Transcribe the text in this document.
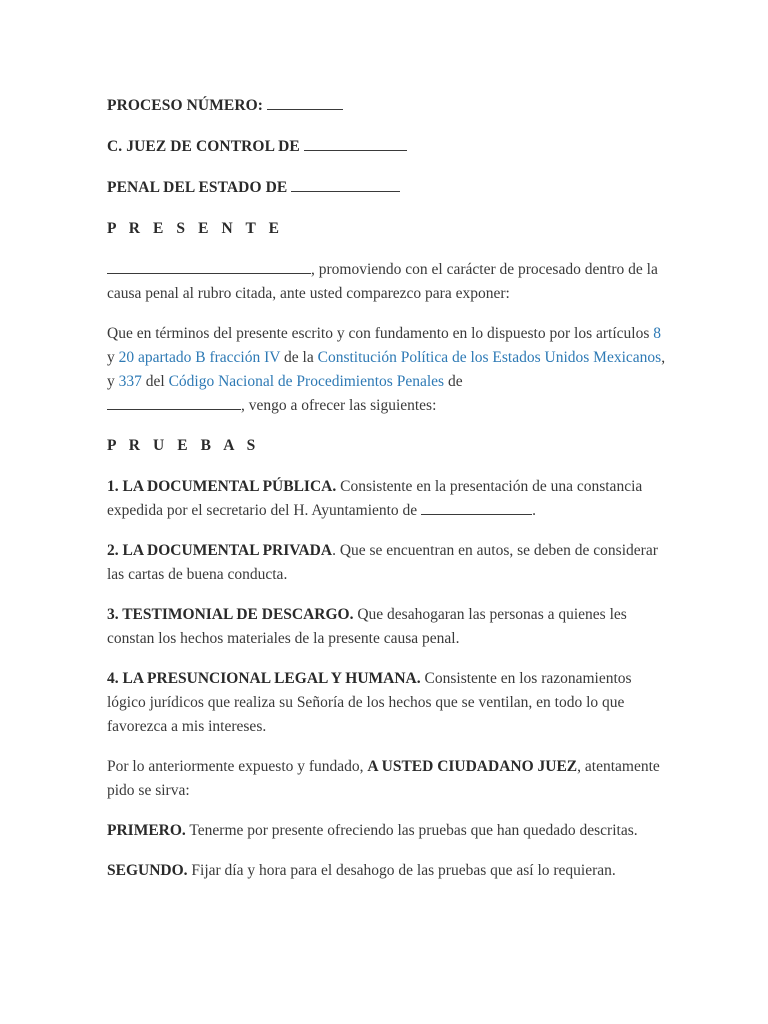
PROCESO NÚMERO:
C. JUEZ DE CONTROL DE
PENAL DEL ESTADO DE
P R E S E N T E

, promoviendo con el carácter de procesado dentro de la causa penal al rubro citada, ante usted comparezco para exponer:

Que en términos del presente escrito y con fundamento en lo dispuesto por los artículos 8 y 20 apartado B fracción IV de la Constitución Política de los Estados Unidos Mexicanos, y 337 del Código Nacional de Procedimientos Penales de
, vengo a ofrecer las siguientes:

P R U E B A S

1. LA DOCUMENTAL PÚBLICA. Consistente en la presentación de una constancia expedida por el secretario del H. Ayuntamiento de	.

2. LA DOCUMENTAL PRIVADA. Que se encuentran en autos, se deben de considerar las cartas de buena conducta.

3. TESTIMONIAL DE DESCARGO. Que desahogaran las personas a quienes les constan los hechos materiales de la presente causa penal.

4. LA PRESUNCIONAL LEGAL Y HUMANA. Consistente en los razonamientos lógico jurídicos que realiza su Señoría de los hechos que se ventilan, en todo lo que favorezca a mis intereses.

Por lo anteriormente expuesto y fundado, A USTED CIUDADANO JUEZ, atentamente pido se sirva:

PRIMERO. Tenerme por presente ofreciendo las pruebas que han quedado descritas.

SEGUNDO. Fijar día y hora para el desahogo de las pruebas que así lo requieran.
